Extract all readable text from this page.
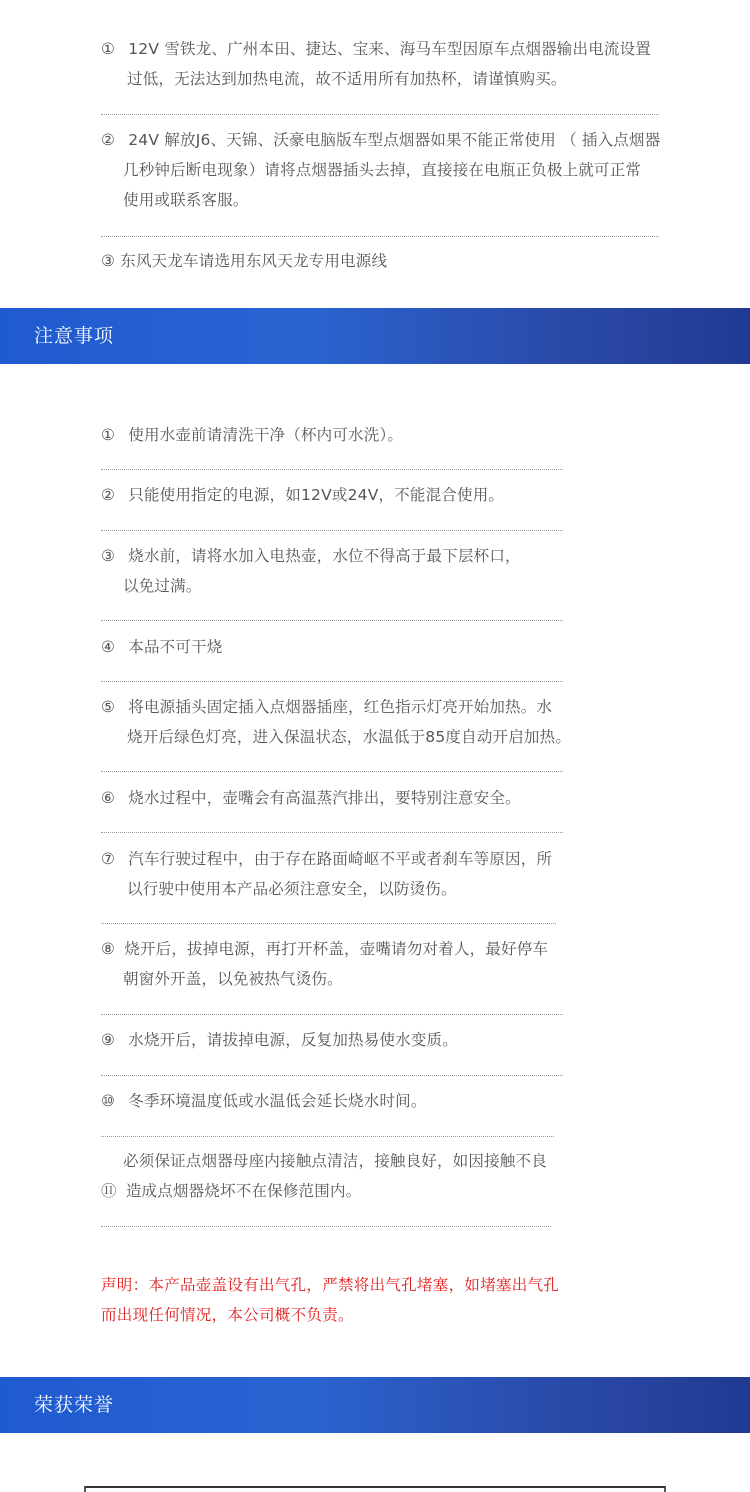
① 12V 雪铁龙、广州本田、捷达、宝来、海马车型因原车点烟器输出电流设置
过低，无法达到加热电流，故不适用所有加热杯，请谨慎购买。
② 24V 解放J6、天锦、沃豪电脑版车型点烟器如果不能正常使用 （ 插入点烟器
几秒钟后断电现象）请将点烟器插头去掉，直接接在电瓶正负极上就可正常
使用或联系客服。
③ 东风天龙车请选用东风天龙专用电源线
注意事项
① 使用水壶前请清洗干净（杯内可水洗）。
② 只能使用指定的电源，如12V或24V，不能混合使用。
③ 烧水前，请将水加入电热壶，水位不得高于最下层杯口，
以免过满。
④ 本品不可干烧
⑤ 将电源插头固定插入点烟器插座，红色指示灯亮开始加热。水
烧开后绿色灯亮，进入保温状态，水温低于85度自动开启加热。
⑥ 烧水过程中，壶嘴会有高温蒸汽排出，要特别注意安全。
⑦ 汽车行驶过程中，由于存在路面崎岖不平或者刹车等原因，所
以行驶中使用本产品必须注意安全，以防烫伤。
⑧ 烧开后，拔掉电源，再打开杯盖，壶嘴请勿对着人，最好停车
朝窗外开盖，以免被热气烫伤。
⑨ 水烧开后，请拔掉电源，反复加热易使水变质。
⑩ 冬季环境温度低或水温低会延长烧水时间。
必须保证点烟器母座内接触点清洁，接触良好，如因接触不良
⑪ 造成点烟器烧坏不在保修范围内。
声明：本产品壶盖设有出气孔，严禁将出气孔堵塞，如堵塞出气孔
而出现任何情况，本公司概不负责。
荣获荣誉
